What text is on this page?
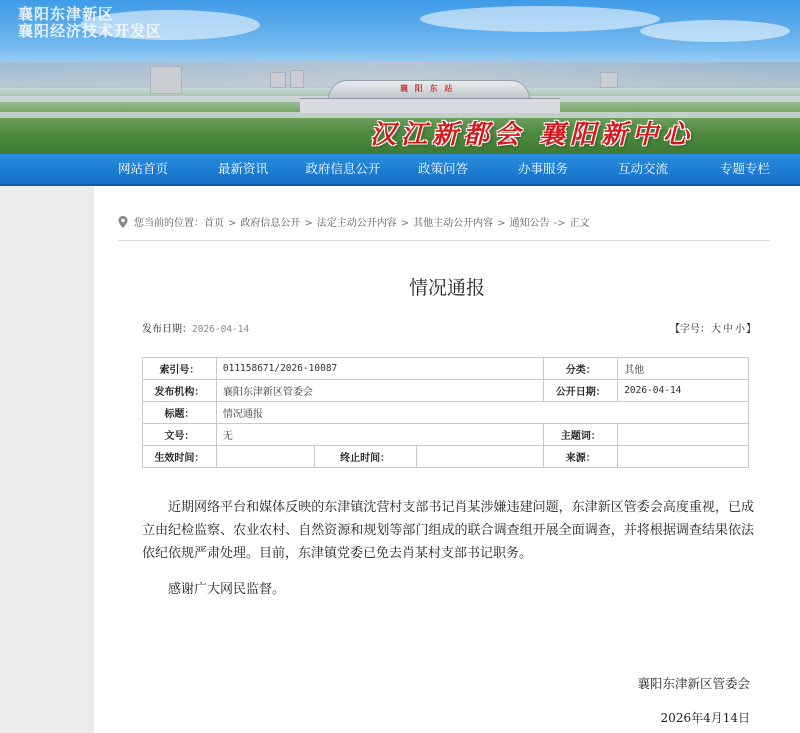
襄阳东津新区
襄阳经济技术开发区
襄 阳 东 站
汉江新都会 襄阳新中心
网站首页	最新资讯	政府信息公开	政策问答	办事服务	互动交流	专题专栏
您当前的位置：首页 > 政府信息公开 > 法定主动公开内容 > 其他主动公开内容 > 通知公告 -> 正文
情况通报
发布日期：2026-04-14	【字号：大 中 小】
索引号：	011158671/2026-10087			分类：	其他
发布机构：	襄阳东津新区管委会			公开日期：	2026-04-14
标题：	情况通报				
文号：	无			主题词：	
生效时间：		终止时间：		来源：	

近期网络平台和媒体反映的东津镇沈营村支部书记肖某涉嫌违建问题，东津新区管委会高度重视，已成立由纪检监察、农业农村、自然资源和规划等部门组成的联合调查组开展全面调查，并将根据调查结果依法依纪依规严肃处理。目前，东津镇党委已免去肖某村支部书记职务。

感谢广大网民监督。

襄阳东津新区管委会
2026年4月14日
